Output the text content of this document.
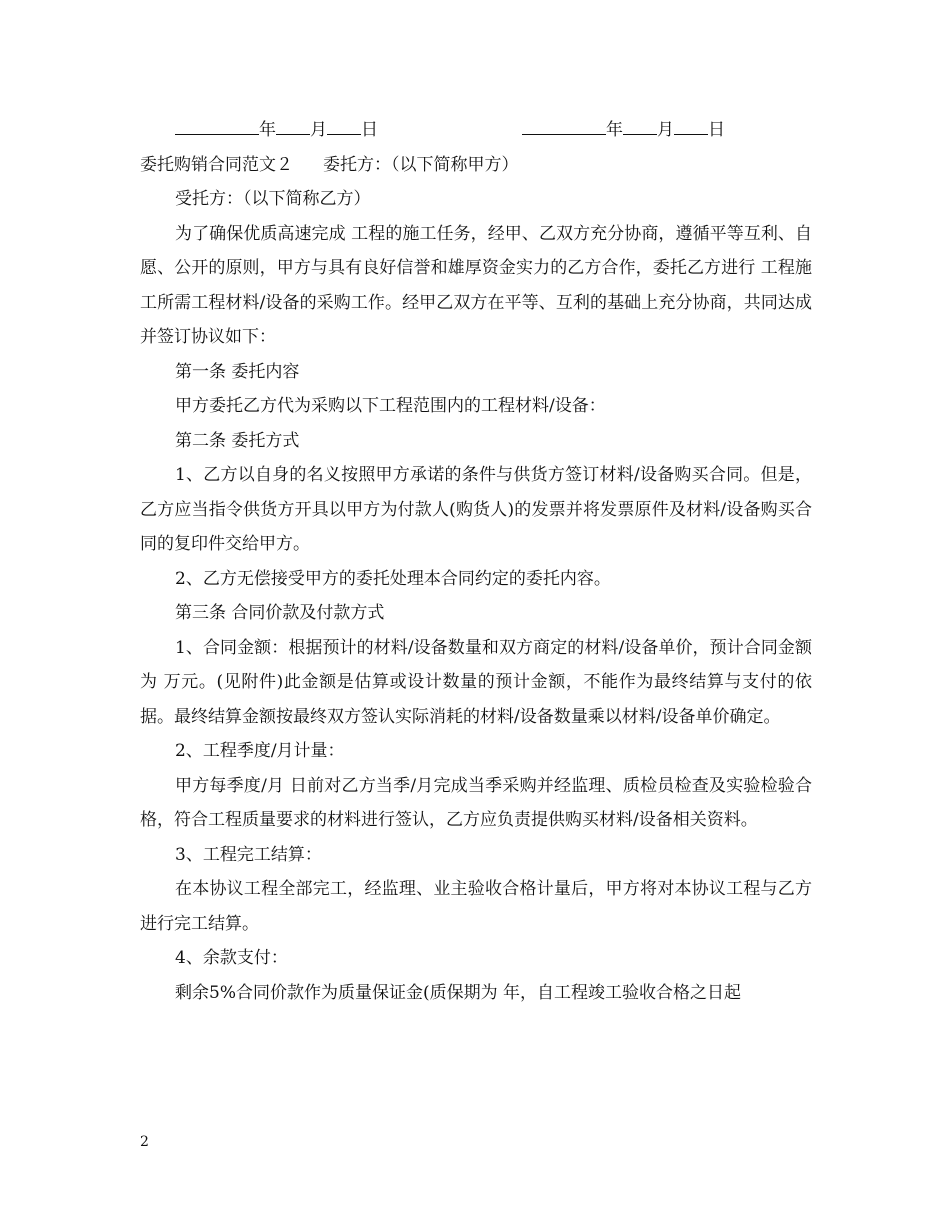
年 月 日	年 月 日

委托购销合同范文２ 委托方：（以下简称甲方）

受托方：（以下简称乙方）

为了确保优质高速完成 工程的施工任务，经甲、乙双方充分协商，遵循平等互利、自愿、公开的原则，甲方与具有良好信誉和雄厚资金实力的乙方合作，委托乙方进行 工程施工所需工程材料/设备的采购工作。经甲乙双方在平等、互利的基础上充分协商，共同达成并签订协议如下：

第一条 委托内容

甲方委托乙方代为采购以下工程范围内的工程材料/设备：

第二条 委托方式

1、乙方以自身的名义按照甲方承诺的条件与供货方签订材料/设备购买合同。但是，乙方应当指令供货方开具以甲方为付款人(购货人)的发票并将发票原件及材料/设备购买合同的复印件交给甲方。

2、乙方无偿接受甲方的委托处理本合同约定的委托内容。

第三条 合同价款及付款方式

1、合同金额：根据预计的材料/设备数量和双方商定的材料/设备单价，预计合同金额为 万元。(见附件)此金额是估算或设计数量的预计金额，不能作为最终结算与支付的依据。最终结算金额按最终双方签认实际消耗的材料/设备数量乘以材料/设备单价确定。

2、工程季度/月计量：

甲方每季度/月 日前对乙方当季/月完成当季采购并经监理、质检员检查及实验检验合格，符合工程质量要求的材料进行签认，乙方应负责提供购买材料/设备相关资料。

3、工程完工结算：

在本协议工程全部完工，经监理、业主验收合格计量后，甲方将对本协议工程与乙方进行完工结算。

4、余款支付：

剩余5%合同价款作为质量保证金(质保期为 年，自工程竣工验收合格之日起

2
